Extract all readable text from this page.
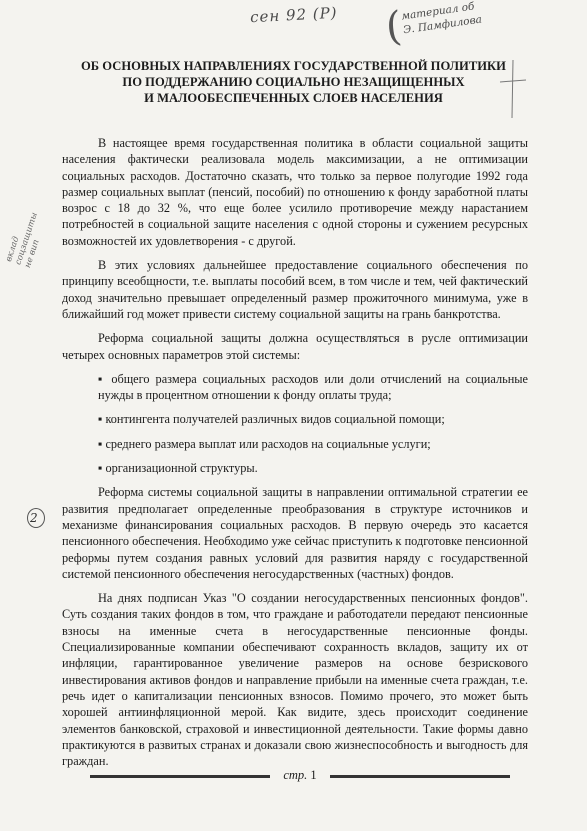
сен 92 (Р) (
материал об
Э. Памфилова
вклад
соцзащиты
не вип
2
ОБ ОСНОВНЫХ НАПРАВЛЕНИЯХ ГОСУДАРСТВЕННОЙ ПОЛИТИКИ
ПО ПОДДЕРЖАНИЮ СОЦИАЛЬНО НЕЗАЩИЩЕННЫХ
И МАЛООБЕСПЕЧЕННЫХ СЛОЕВ НАСЕЛЕНИЯ

В настоящее время государственная политика в области социальной защиты населения фактически реализовала модель максимизации, а не оптимизации социальных расходов. Достаточно сказать, что только за первое полугодие 1992 года размер социальных выплат (пенсий, пособий) по отношению к фонду заработной платы возрос с 18 до 32 %, что еще более усилило противоречие между нарастанием потребностей в социальной защите населения с одной стороны и сужением ресурсных возможностей их удовлетворения - с другой.

В этих условиях дальнейшее предоставление социального обеспечения по принципу всеобщности, т.е. выплаты пособий всем, в том числе и тем, чей фактический доход значительно превышает определенный размер прожиточного минимума, уже в ближайший год может привести систему социальной защиты на грань банкротства.

Реформа социальной защиты должна осуществляться в русле оптимизации четырех основных параметров этой системы:

▪ общего размера социальных расходов или доли отчислений на социальные нужды в процентном отношении к фонду оплаты труда;

▪ контингента получателей различных видов социальной помощи;

▪ среднего размера выплат или расходов на социальные услуги;

▪ организационной структуры.

Реформа системы социальной защиты в направлении оптимальной стратегии ее развития предполагает определенные преобразования в структуре источников и механизме финансирования социальных расходов. В первую очередь это касается пенсионного обеспечения. Необходимо уже сейчас приступить к подготовке пенсионной реформы путем создания равных условий для развития наряду с государственной системой пенсионного обеспечения негосударственных (частных) фондов.

На днях подписан Указ "О создании негосударственных пенсионных фондов". Суть создания таких фондов в том, что граждане и работодатели передают пенсионные взносы на именные счета в негосударственные пенсионные фонды. Специализированные компании обеспечивают сохранность вкладов, защиту их от инфляции, гарантированное увеличение размеров на основе безрискового инвестирования активов фондов и направление прибыли на именные счета граждан, т.е. речь идет о капитализации пенсионных взносов. Помимо прочего, это может быть хорошей антиинфляционной мерой. Как видите, здесь происходит соединение элементов банковской, страховой и инвестиционной деятельности. Такие формы давно практикуются в развитых странах и доказали свою жизнеспособность и выгодность для граждан.

стр. 1
